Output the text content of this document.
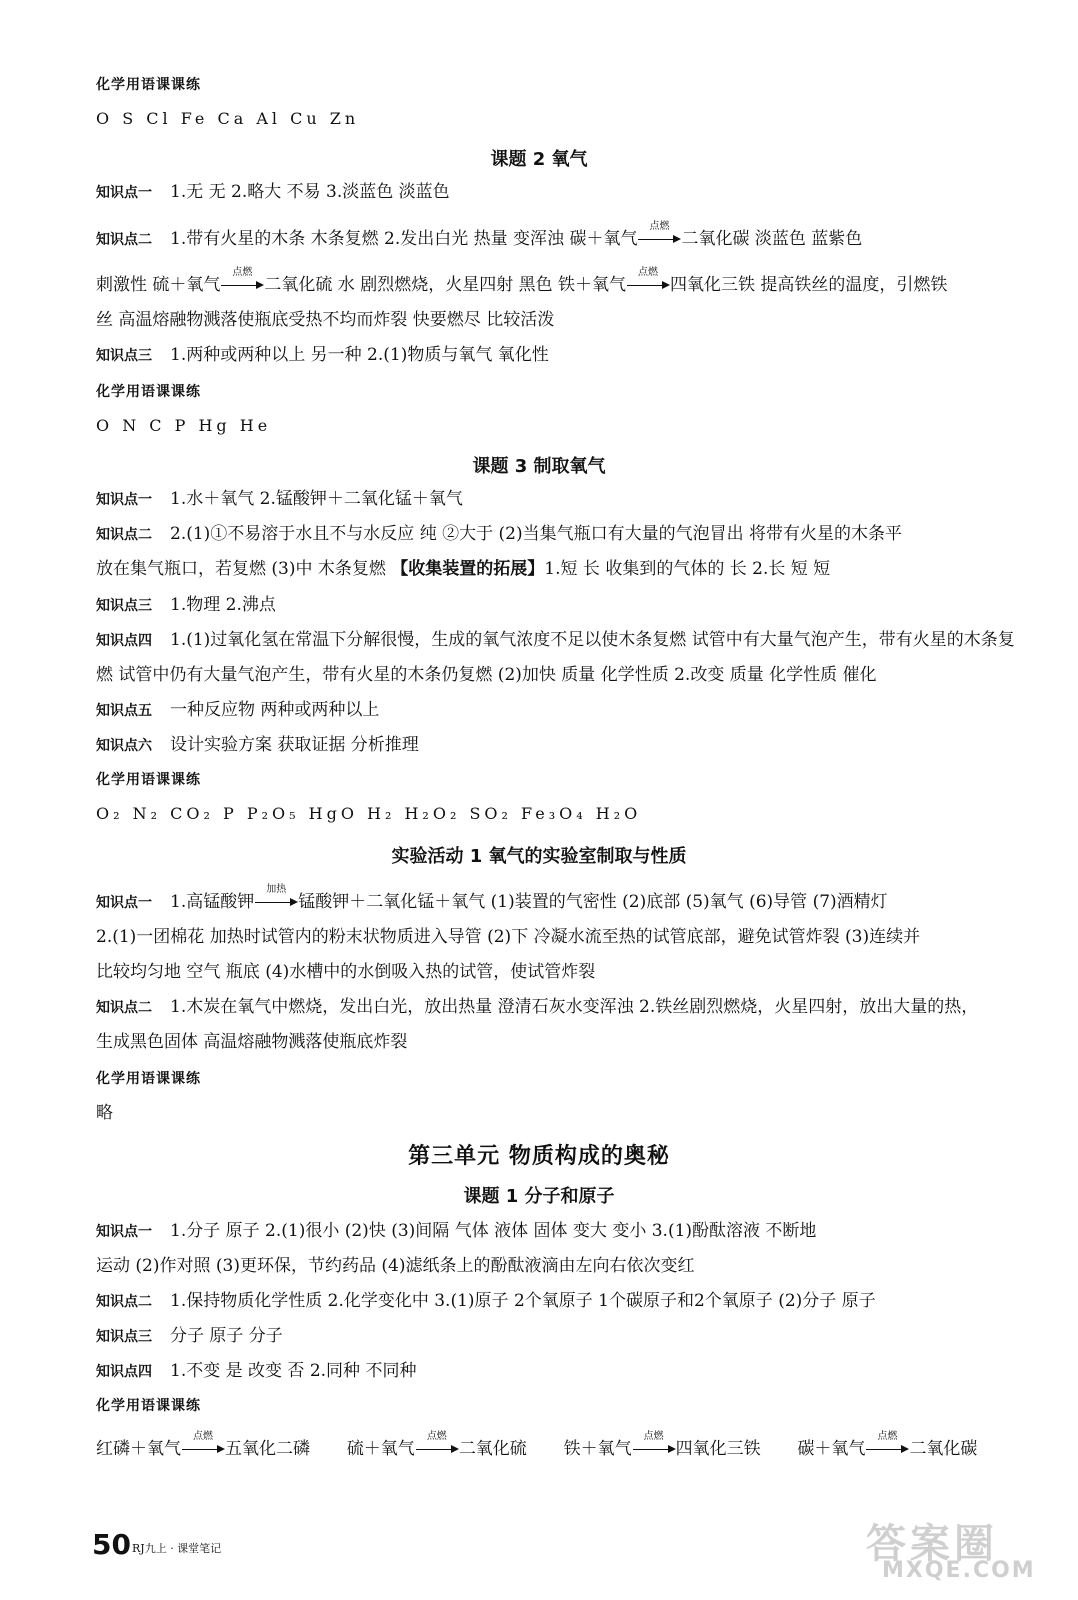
化学用语课课练
O S Cl Fe Ca Al Cu Zn
课题 2 氧气
知识点一 1.无 无 2.略大 不易 3.淡蓝色 淡蓝色
知识点二 1.带有火星的木条 木条复燃 2.发出白光 热量 变浑浊 碳＋氧气
点燃
二氧化碳 淡蓝色 蓝紫色
刺激性 硫＋氧气
点燃
二氧化硫 水 剧烈燃烧，火星四射 黑色 铁＋氧气
点燃
四氧化三铁 提高铁丝的温度，引燃铁
丝 高温熔融物溅落使瓶底受热不均而炸裂 快要燃尽 比较活泼
知识点三 1.两种或两种以上 另一种 2.(1)物质与氧气 氧化性
化学用语课课练
O N C P Hg He
课题 3 制取氧气
知识点一 1.水＋氧气 2.锰酸钾＋二氧化锰＋氧气
知识点二 2.(1)①不易溶于水且不与水反应 纯 ②大于 (2)当集气瓶口有大量的气泡冒出 将带有火星的木条平
放在集气瓶口，若复燃 (3)中 木条复燃 【收集装置的拓展】1.短 长 收集到的气体的 长 2.长 短 短
知识点三 1.物理 2.沸点
知识点四 1.(1)过氧化氢在常温下分解很慢，生成的氧气浓度不足以使木条复燃 试管中有大量气泡产生，带有火星的木条复
燃 试管中仍有大量气泡产生，带有火星的木条仍复燃 (2)加快 质量 化学性质 2.改变 质量 化学性质 催化
知识点五 一种反应物 两种或两种以上
知识点六 设计实验方案 获取证据 分析推理
化学用语课课练
O₂ N₂ CO₂ P P₂O₅ HgO H₂ H₂O₂ SO₂ Fe₃O₄ H₂O
实验活动 1 氧气的实验室制取与性质
知识点一 1.高锰酸钾
加热
锰酸钾＋二氧化锰＋氧气 (1)装置的气密性 (2)底部 (5)氧气 (6)导管 (7)酒精灯
2.(1)一团棉花 加热时试管内的粉末状物质进入导管 (2)下 冷凝水流至热的试管底部，避免试管炸裂 (3)连续并
比较均匀地 空气 瓶底 (4)水槽中的水倒吸入热的试管，使试管炸裂
知识点二 1.木炭在氧气中燃烧，发出白光，放出热量 澄清石灰水变浑浊 2.铁丝剧烈燃烧，火星四射，放出大量的热，
生成黑色固体 高温熔融物溅落使瓶底炸裂
化学用语课课练
略
第三单元 物质构成的奥秘
课题 1 分子和原子
知识点一 1.分子 原子 2.(1)很小 (2)快 (3)间隔 气体 液体 固体 变大 变小 3.(1)酚酞溶液 不断地
运动 (2)作对照 (3)更环保，节约药品 (4)滤纸条上的酚酞液滴由左向右依次变红
知识点二 1.保持物质化学性质 2.化学变化中 3.(1)原子 2个氧原子 1个碳原子和2个氧原子 (2)分子 原子
知识点三 分子 原子 分子
知识点四 1.不变 是 改变 否 2.同种 不同种
化学用语课课练
红磷＋氧气
点燃
五氧化二磷 硫＋氧气
点燃
二氧化硫 铁＋氧气
点燃
四氧化三铁 碳＋氧气
点燃
二氧化碳
50 RJ九上 · 课堂笔记	答案圈
MXQE.COM
